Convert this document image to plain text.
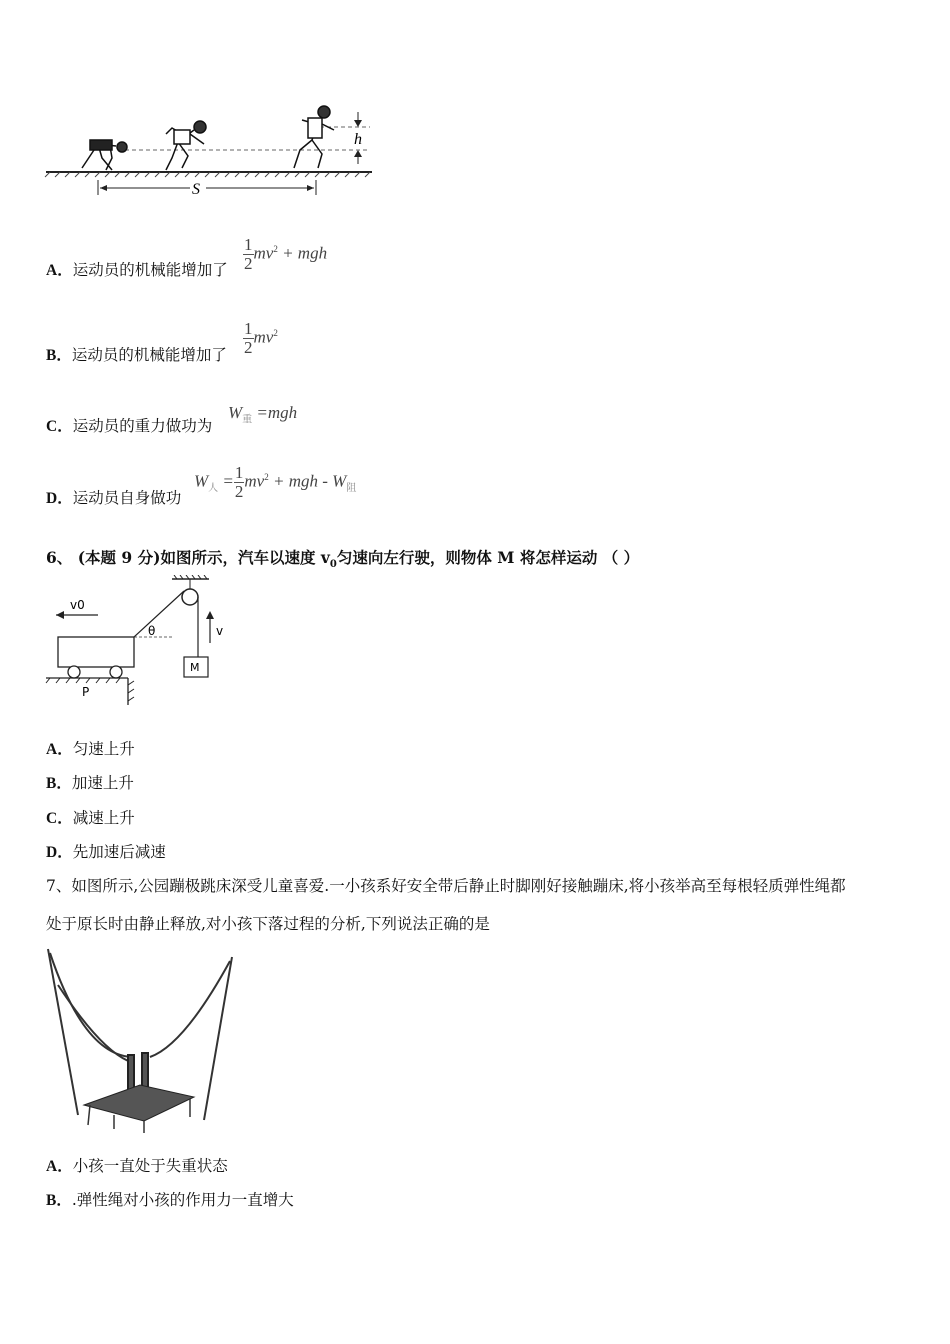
h
S
A．运动员的机械能增加了 $\frac{1}{2} mv^2$ + mgh
B．运动员的机械能增加了 $\frac{1}{2} mv^2$
C．运动员的重力做功为
$W_重 =mgh$
D．运动员自身做功
$W_人 = \frac{1}{2} mv^2$ + mgh - $W_阻$
6、 (本题 9 分)如图所示，汽车以速度 $v_0$匀速向左行驶，则物体 M 将怎样运动 （ ）
θ
M
v
P
v0
A．匀速上升
B．加速上升
C．减速上升
D．先加速后减速
7、如图所示,公园蹦极跳床深受儿童喜爱.一小孩系好安全带后静止时脚刚好接触蹦床,将小孩举高至每根轻质弹性绳都
处于原长时由静止释放,对小孩下落过程的分析,下列说法正确的是
A．小孩一直处于失重状态
B．.弹性绳对小孩的作用力一直增大
